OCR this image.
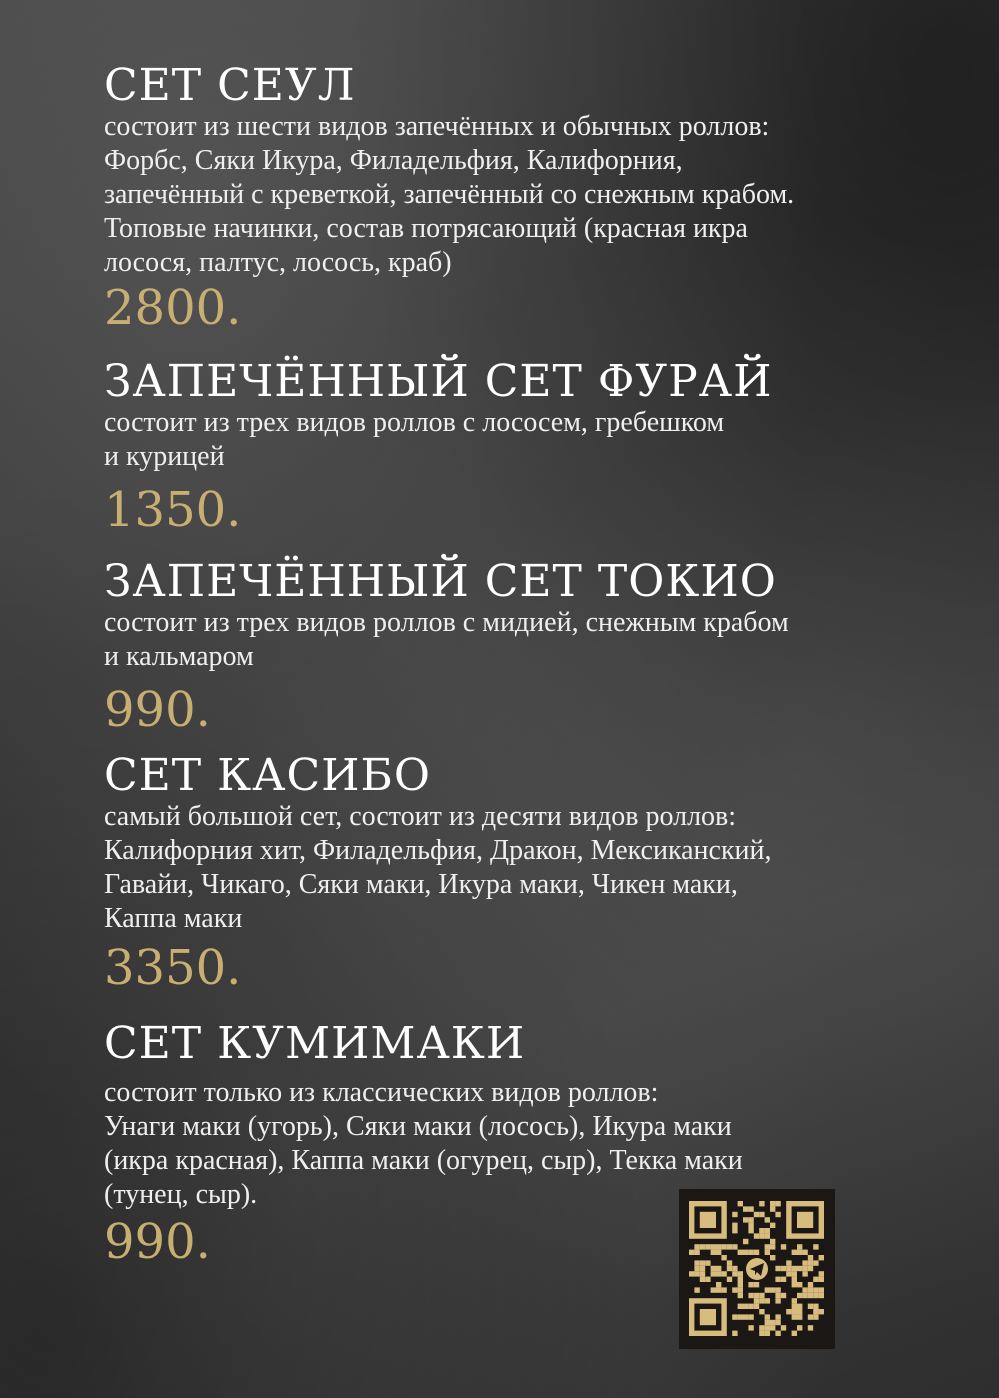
СЕТ СЕУЛ
состоит из шести видов запечённых и обычных роллов:
Форбс, Сяки Икура, Филадельфия, Калифорния,
запечённый с креветкой, запечённый со снежным крабом.
Топовые начинки, состав потрясающий (красная икра
лосося, палтус, лосось, краб)
2800.
ЗАПЕЧЁННЫЙ СЕТ ФУРАЙ
состоит из трех видов роллов с лососем, гребешком
и курицей
1350.
ЗАПЕЧЁННЫЙ СЕТ ТОКИО
состоит из трех видов роллов с мидией, снежным крабом
и кальмаром
990.
СЕТ КАСИБО
самый большой сет, состоит из десяти видов роллов:
Калифорния хит, Филадельфия, Дракон, Мексиканский,
Гавайи, Чикаго, Сяки маки, Икура маки, Чикен маки,
Каппа маки
3350.
СЕТ КУМИМАКИ
состоит только из классических видов роллов:
Унаги маки (угорь), Сяки маки (лосось), Икура маки
(икра красная), Каппа маки (огурец, сыр), Текка маки
(тунец, сыр).
990.
